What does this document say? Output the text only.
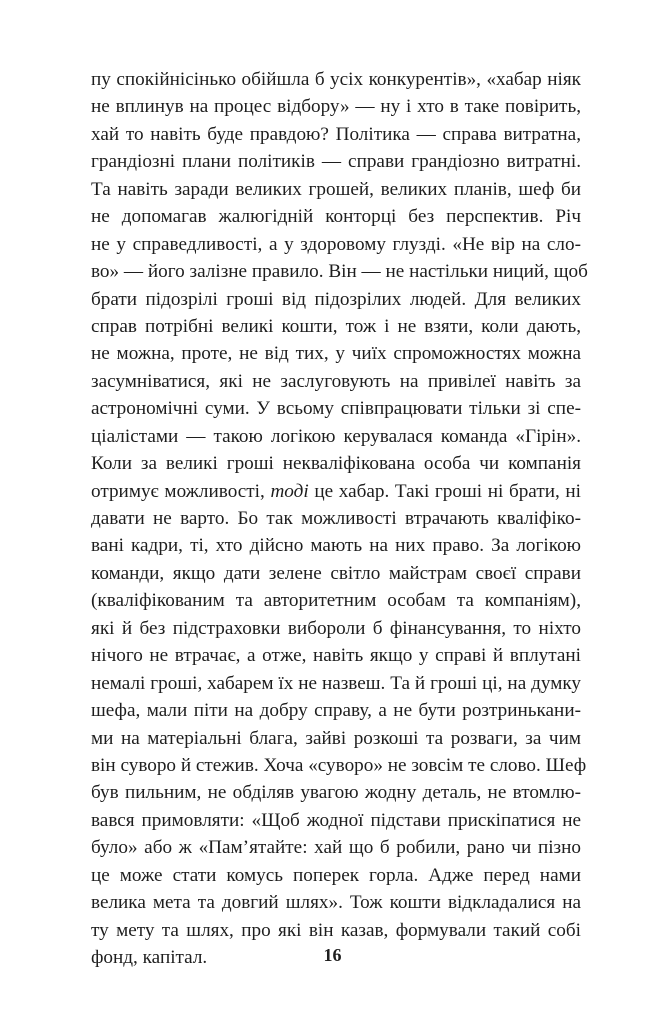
пу спокійнісінько обійшла б усіх конкурентів», «хабар ніяк
не вплинув на процес відбору» — ну і хто в таке повірить,
хай то навіть буде правдою? Політика — справа витратна,
грандіозні плани політиків — справи грандіозно витратні.
Та навіть заради великих грошей, великих планів, шеф би
не допомагав жалюгідній конторці без перспектив. Річ
не у справедливості, а у здоровому глузді. «Не вір на сло-
во» — його залізне правило. Він — не настільки ниций, щоб
брати підозрілі гроші від підозрілих людей. Для великих
справ потрібні великі кошти, тож і не взяти, коли дають,
не можна, проте, не від тих, у чиїх спроможностях можна
засумніватися, які не заслуговують на привілеї навіть за
астрономічні суми. У всьому співпрацювати тільки зі спе-
ціалістами — такою логікою керувалася команда «Гірін».
Коли за великі гроші некваліфікована особа чи компанія
отримує можливості, тоді це хабар. Такі гроші ні брати, ні
давати не варто. Бо так можливості втрачають кваліфіко-
вані кадри, ті, хто дійсно мають на них право. За логікою
команди, якщо дати зелене світло майстрам своєї справи
(кваліфікованим та авторитетним особам та компаніям),
які й без підстраховки вибороли б фінансування, то ніхто
нічого не втрачає, а отже, навіть якщо у справі й вплутані
немалі гроші, хабарем їх не назвеш. Та й гроші ці, на думку
шефа, мали піти на добру справу, а не бути розтринькани-
ми на матеріальні блага, зайві розкоші та розваги, за чим
він суворо й стежив. Хоча «суворо» не зовсім те слово. Шеф
був пильним, не обділяв увагою жодну деталь, не втомлю-
вався примовляти: «Щоб жодної підстави прискіпатися не
було» або ж «Пам’ятайте: хай що б робили, рано чи пізно
це може стати комусь поперек горла. Адже перед нами
велика мета та довгий шлях». Тож кошти відкладалися на
ту мету та шлях, про які він казав, формували такий собі
фонд, капітал.	16
